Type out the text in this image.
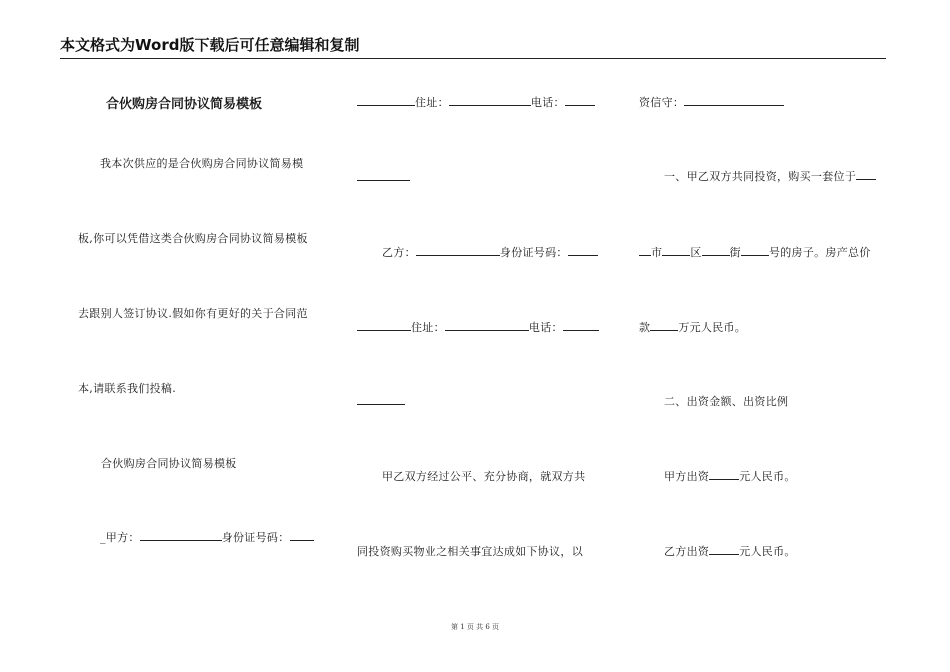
本文格式为Word版下载后可任意编辑和复制
合伙购房合同协议简易模板
我本次供应的是合伙购房合同协议简易模
板,你可以凭借这类合伙购房合同协议简易模板
去跟别人签订协议.假如你有更好的关于合同范
本,请联系我们投稿.
合伙购房合同协议简易模板
_甲方：	身份证号码：
住址：	电话：
乙方：	身份证号码：
住址：	电话：
甲乙双方经过公平、充分协商，就双方共
同投资购买物业之相关事宜达成如下协议，以
资信守：
一、甲乙双方共同投资，购买一套位于
市	区	街	号的房子。房产总价
款	万元人民币。
二、出资金额、出资比例
甲方出资	元人民币。
乙方出资	元人民币。
第 1 页 共 6 页
